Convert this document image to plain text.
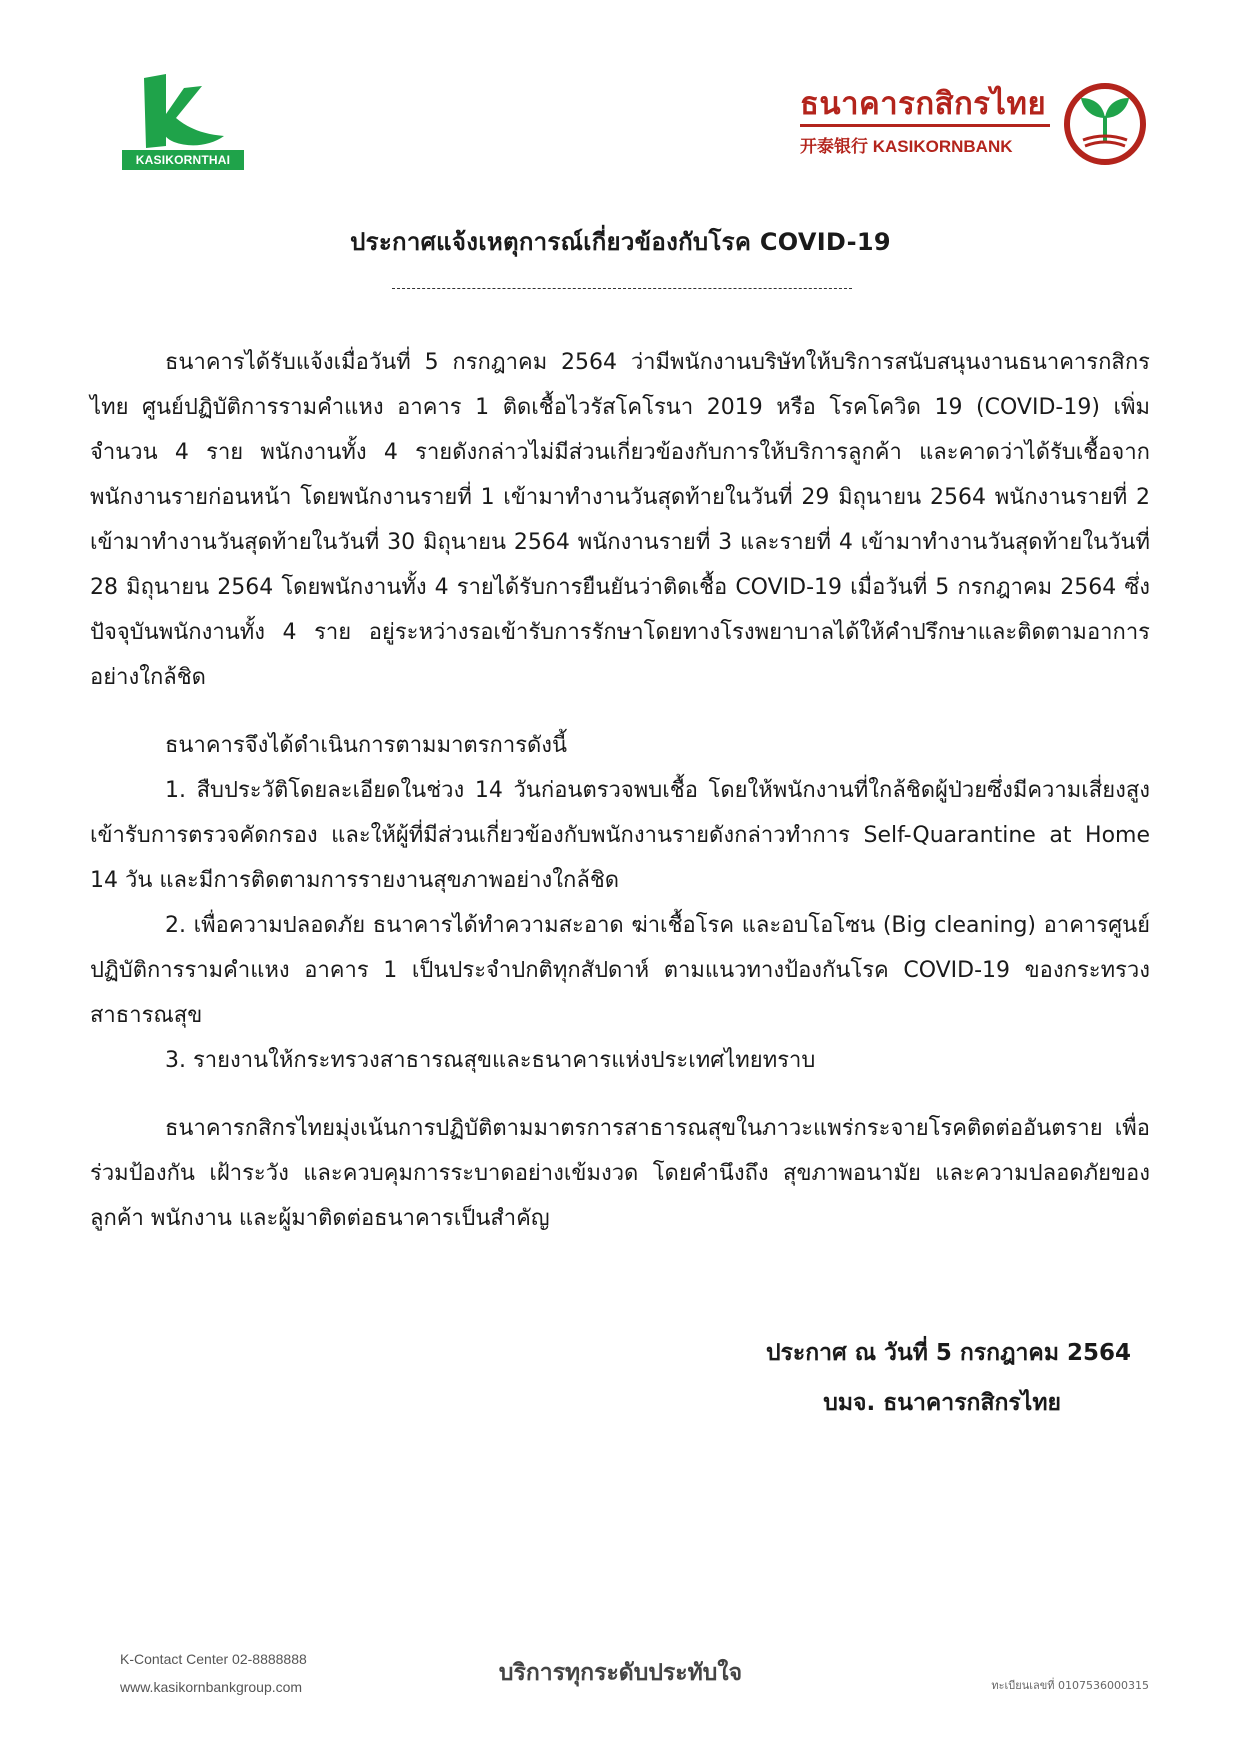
KASIKORNTHAI
ธนาคารกสิกรไทย
开泰银行 KASIKORNBANK
ประกาศแจ้งเหตุการณ์เกี่ยวข้องกับโรค COVID-19

ธนาคารได้รับแจ้งเมื่อวันที่ 5 กรกฎาคม 2564 ว่ามีพนักงานบริษัทให้บริการสนับสนุนงานธนาคารกสิกรไทย ศูนย์ปฏิบัติการรามคำแหง อาคาร 1 ติดเชื้อไวรัสโคโรนา 2019 หรือ โรคโควิด 19 (COVID-19) เพิ่มจำนวน 4 ราย พนักงานทั้ง 4 รายดังกล่าวไม่มีส่วนเกี่ยวข้องกับการให้บริการลูกค้า และคาดว่าได้รับเชื้อจากพนักงานรายก่อนหน้า โดยพนักงานรายที่ 1 เข้ามาทำงานวันสุดท้ายในวันที่ 29 มิถุนายน 2564 พนักงานรายที่ 2 เข้ามาทำงานวันสุดท้ายในวันที่ 30 มิถุนายน 2564 พนักงานรายที่ 3 และรายที่ 4 เข้ามาทำงานวันสุดท้ายในวันที่ 28 มิถุนายน 2564 โดยพนักงานทั้ง 4 รายได้รับการยืนยันว่าติดเชื้อ COVID-19 เมื่อวันที่ 5 กรกฎาคม 2564 ซึ่งปัจจุบันพนักงานทั้ง 4 ราย อยู่ระหว่างรอเข้ารับการรักษาโดยทางโรงพยาบาลได้ให้คำปรึกษาและติดตามอาการอย่างใกล้ชิด

ธนาคารจึงได้ดำเนินการตามมาตรการดังนี้

1. สืบประวัติโดยละเอียดในช่วง 14 วันก่อนตรวจพบเชื้อ โดยให้พนักงานที่ใกล้ชิดผู้ป่วยซึ่งมีความเสี่ยงสูงเข้ารับการตรวจคัดกรอง และให้ผู้ที่มีส่วนเกี่ยวข้องกับพนักงานรายดังกล่าวทำการ Self-Quarantine at Home 14 วัน และมีการติดตามการรายงานสุขภาพอย่างใกล้ชิด

2. เพื่อความปลอดภัย ธนาคารได้ทำความสะอาด ฆ่าเชื้อโรค และอบโอโซน (Big cleaning) อาคารศูนย์ปฏิบัติการรามคำแหง อาคาร 1 เป็นประจำปกติทุกสัปดาห์ ตามแนวทางป้องกันโรค COVID-19 ของกระทรวงสาธารณสุข

3. รายงานให้กระทรวงสาธารณสุขและธนาคารแห่งประเทศไทยทราบ

ธนาคารกสิกรไทยมุ่งเน้นการปฏิบัติตามมาตรการสาธารณสุขในภาวะแพร่กระจายโรคติดต่ออันตราย เพื่อร่วมป้องกัน เฝ้าระวัง และควบคุมการระบาดอย่างเข้มงวด โดยคำนึงถึง สุขภาพอนามัย และความปลอดภัยของลูกค้า พนักงาน และผู้มาติดต่อธนาคารเป็นสำคัญ

ประกาศ ณ วันที่ 5 กรกฎาคม 2564
บมจ. ธนาคารกสิกรไทย
K-Contact Center 02-8888888
www.kasikornbankgroup.com
บริการทุกระดับประทับใจ	ทะเบียนเลขที่ 0107536000315
